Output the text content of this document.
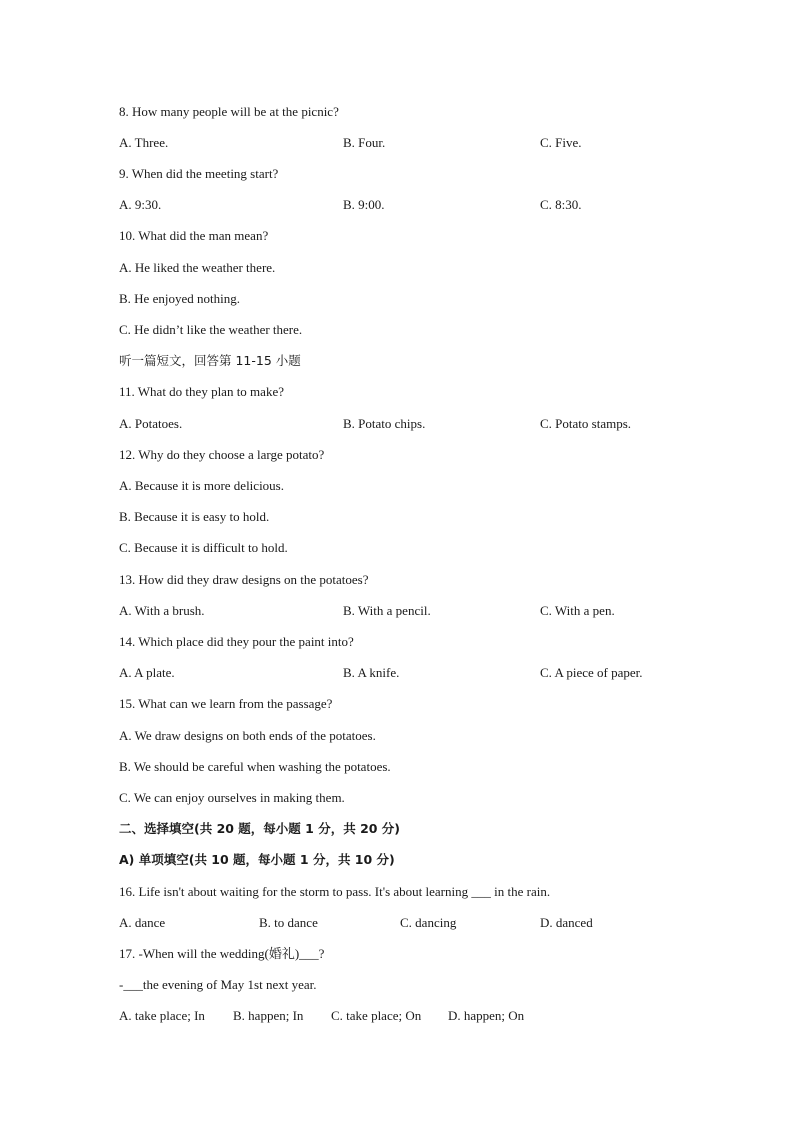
8. How many people will be at the picnic?
A. Three.	B. Four.	C. Five.
9. When did the meeting start?
A. 9:30.	B. 9:00.	C. 8:30.
10. What did the man mean?
A. He liked the weather there.
B. He enjoyed nothing.
C. He didn’t like the weather there.
听一篇短文，回答第 11-15 小题
11. What do they plan to make?
A. Potatoes.	B. Potato chips.	C. Potato stamps.
12. Why do they choose a large potato?
A. Because it is more delicious.
B. Because it is easy to hold.
C. Because it is difficult to hold.
13. How did they draw designs on the potatoes?
A. With a brush.	B. With a pencil.	C. With a pen.
14. Which place did they pour the paint into?
A. A plate.	B. A knife.	C. A piece of paper.
15. What can we learn from the passage?
A. We draw designs on both ends of the potatoes.
B. We should be careful when washing the potatoes.
C. We can enjoy ourselves in making them.
二、选择填空(共 20 题，每小题 1 分，共 20 分)
A) 单项填空(共 10 题，每小题 1 分，共 10 分)
16. Life isn't about waiting for the storm to pass. It's about learning ___ in the rain.
A. dance	B. to dance	C. dancing	D. danced
17. -When will the wedding(婚礼)___?
-___the evening of May 1st next year.
A. take place; In B. happen; In C. take place; On D. happen; On
